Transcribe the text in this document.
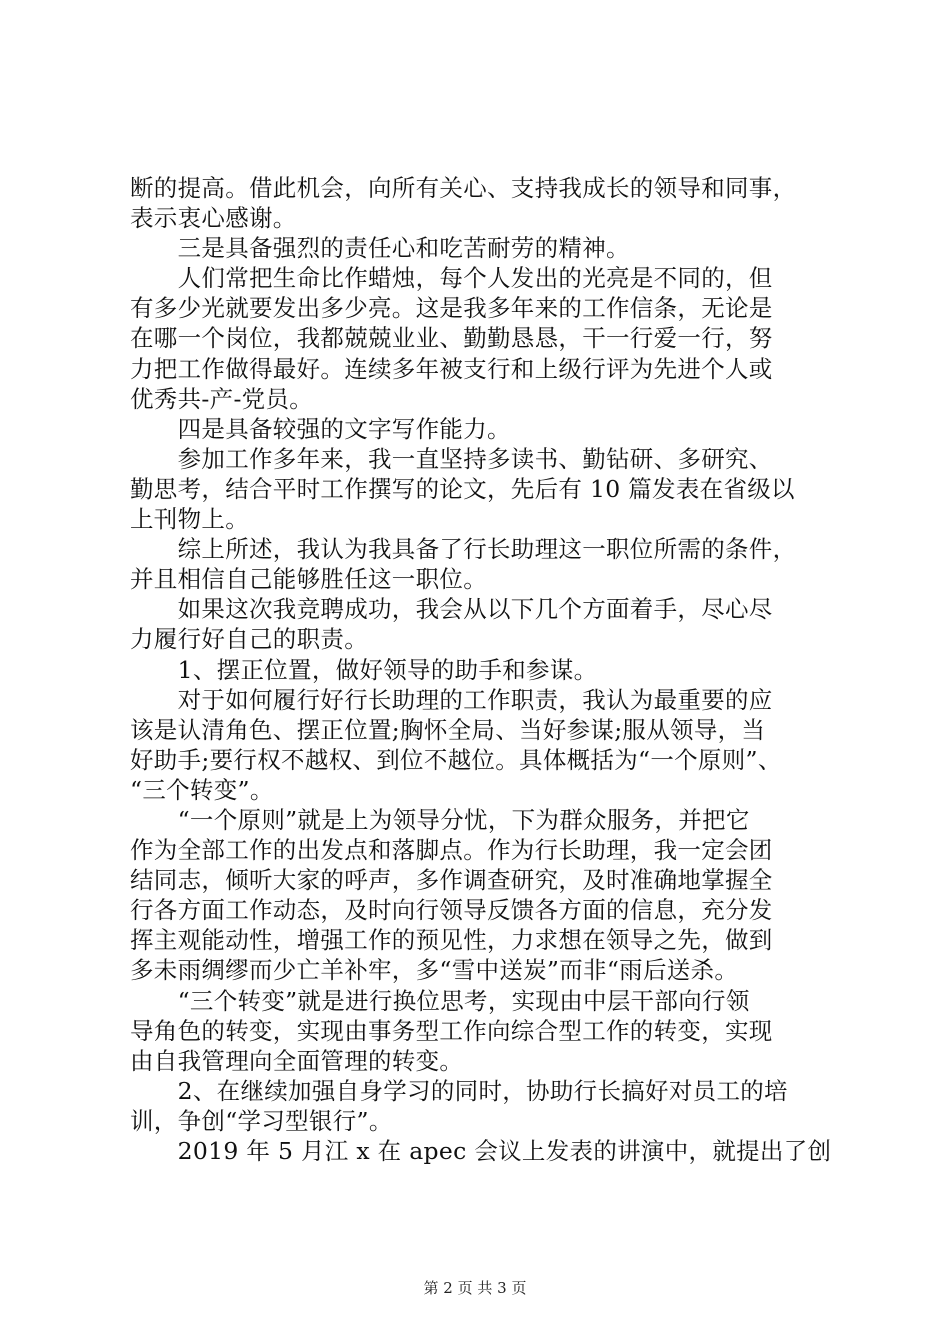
断的提高。借此机会，向所有关心、支持我成长的领导和同事，
表示衷心感谢。
　　三是具备强烈的责任心和吃苦耐劳的精神。
　　人们常把生命比作蜡烛，每个人发出的光亮是不同的，但
有多少光就要发出多少亮。这是我多年来的工作信条，无论是
在哪一个岗位，我都兢兢业业、勤勤恳恳，干一行爱一行，努
力把工作做得最好。连续多年被支行和上级行评为先进个人或
优秀共-产-党员。
　　四是具备较强的文字写作能力。
　　参加工作多年来，我一直坚持多读书、勤钻研、多研究、
勤思考，结合平时工作撰写的论文，先后有 10 篇发表在省级以
上刊物上。
　　综上所述，我认为我具备了行长助理这一职位所需的条件，
并且相信自己能够胜任这一职位。
　　如果这次我竞聘成功，我会从以下几个方面着手，尽心尽
力履行好自己的职责。
　　1、摆正位置，做好领导的助手和参谋。
　　对于如何履行好行长助理的工作职责，我认为最重要的应
该是认清角色、摆正位置;胸怀全局、当好参谋;服从领导，当
好助手;要行权不越权、到位不越位。具体概括为“一个原则”、
“三个转变”。
　　“一个原则”就是上为领导分忧，下为群众服务，并把它
作为全部工作的出发点和落脚点。作为行长助理，我一定会团
结同志，倾听大家的呼声，多作调查研究，及时准确地掌握全
行各方面工作动态，及时向行领导反馈各方面的信息，充分发
挥主观能动性，增强工作的预见性，力求想在领导之先，做到
多未雨绸缪而少亡羊补牢，多“雪中送炭”而非“雨后送杀。
　　“三个转变”就是进行换位思考，实现由中层干部向行领
导角色的转变，实现由事务型工作向综合型工作的转变，实现
由自我管理向全面管理的转变。
　　2、在继续加强自身学习的同时，协助行长搞好对员工的培
训，争创“学习型银行”。
　　2019 年 5 月江 x 在 apec 会议上发表的讲演中，就提出了创
第 2 页 共 3 页
